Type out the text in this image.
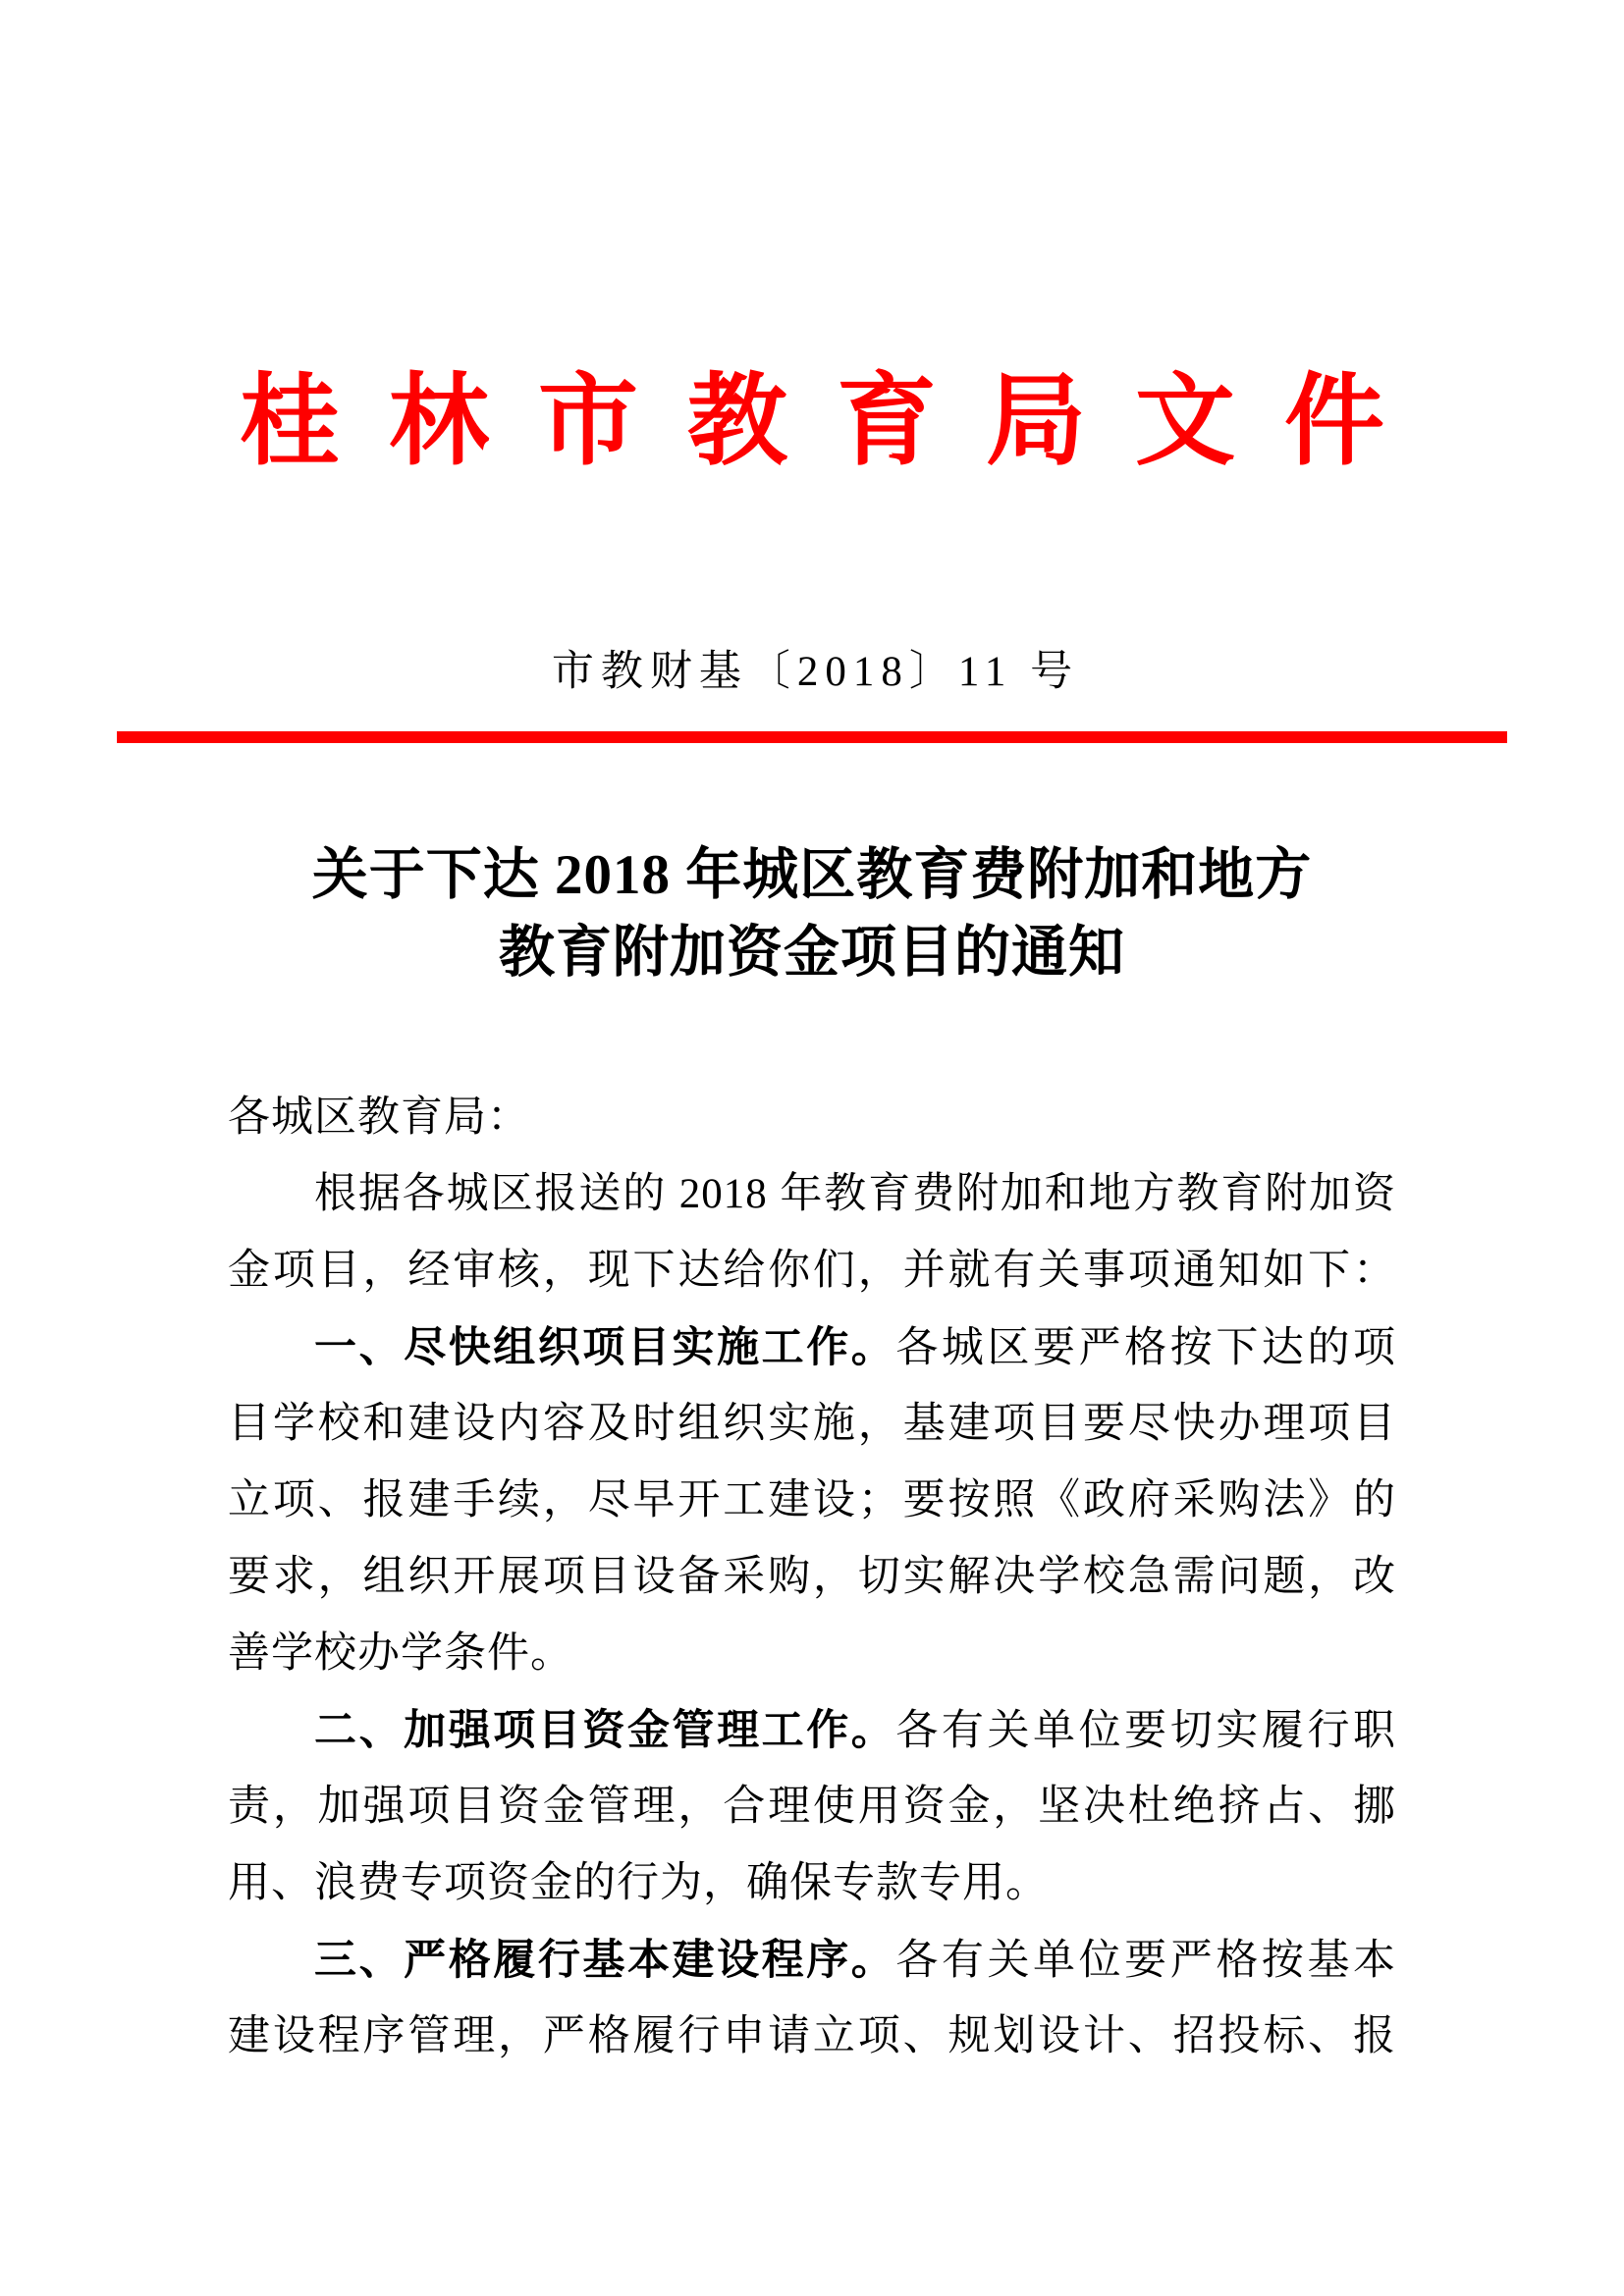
桂林市教育局文件
市教财基〔2018〕11 号
关于下达 2018 年城区教育费附加和地方
教育附加资金项目的通知
各城区教育局：
根据各城区报送的 2018 年教育费附加和地方教育附加资
金项目，经审核，现下达给你们，并就有关事项通知如下：
一、尽快组织项目实施工作。各城区要严格按下达的项
目学校和建设内容及时组织实施，基建项目要尽快办理项目
立项、报建手续，尽早开工建设；要按照《政府采购法》的
要求，组织开展项目设备采购，切实解决学校急需问题，改
善学校办学条件。
二、加强项目资金管理工作。各有关单位要切实履行职
责，加强项目资金管理，合理使用资金，坚决杜绝挤占、挪
用、浪费专项资金的行为，确保专款专用。
三、严格履行基本建设程序。各有关单位要严格按基本
建设程序管理，严格履行申请立项、规划设计、招投标、报
